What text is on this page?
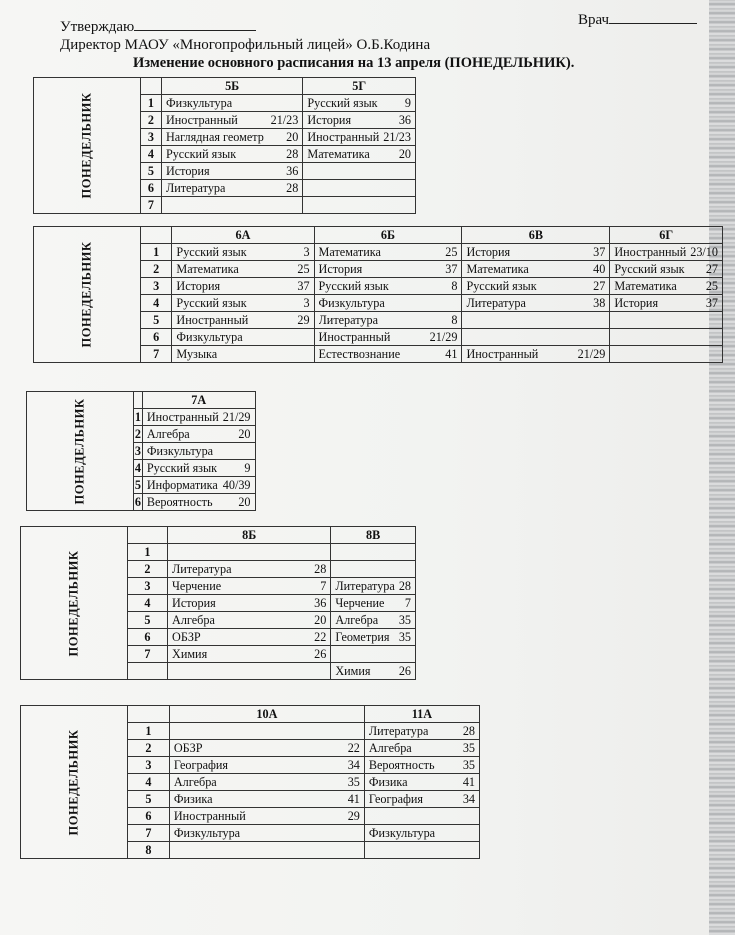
Утверждаю	Врач
Директор МАОУ «Многопрофильный лицей» О.Б.Кодина
Изменение основного расписания на 13 апреля (ПОНЕДЕЛЬНИК).
ПОНЕДЕЛЬНИК		5Б	5Г
	1	Физкультура	Русский язык 9

	2	Иностранный 21/23	История 36

	3	Наглядная геометр 20	Иностранный 21/23

	4	Русский язык 28	Математика 20

	5	История 36	

	6	Литература 28	

	7	

ПОНЕДЕЛЬНИК		6А	6Б	6В	6Г
	1	Русский язык 3	Математика 25	История 37	Иностранный 23/10

	2	Математика 25	История 37	Математика 40	Русский язык 27

	3	История 37	Русский язык 8	Русский язык 27	Математика 25

	4	Русский язык 3	Физкультура	Литература 38	История 37

	5	Иностранный 29	Литература 8		

	6	Физкультура	Иностранный 21/29		

	7	Музыка	Естествознание 41	Иностранный 21/29	

ПОНЕДЕЛЬНИК		7А
	1	Иностранный 21/29

	2	Алгебра 20

	3	Физкультура

	4	Русский язык 9

	5	Информатика 40/39

	6	Вероятность 20
ПОНЕДЕЛЬНИК		8Б	8В
	1	

	2	Литература 28	

	3	Черчение 7	Литература 28

	4	История 36	Черчение 7

	5	Алгебра 20	Алгебра 35

	6	ОБЗР 22	Геометрия 35

	7	Химия 26	

			Химия 26
ПОНЕДЕЛЬНИК		10А	11А
	1		Литература 28

	2	ОБЗР 22	Алгебра 35

	3	География 34	Вероятность 35

	4	Алгебра 35	Физика 41

	5	Физика 41	География 34

	6	Иностранный 29	

	7	Физкультура	Физкультура

	8	
